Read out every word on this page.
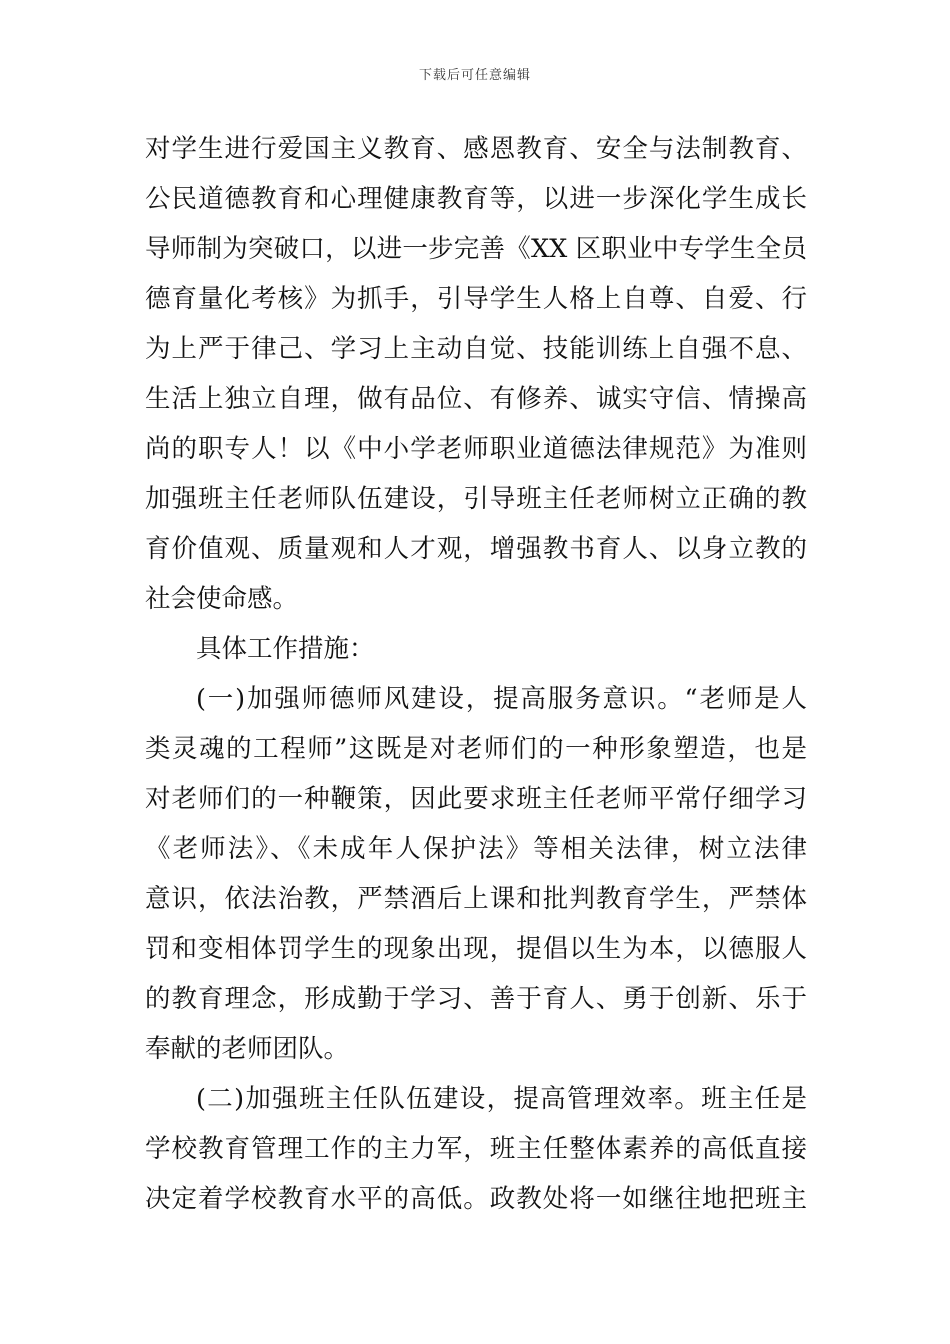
下载后可任意编辑
对学生进行爱国主义教育、感恩教育、安全与法制教育、
公民道德教育和心理健康教育等，以进一步深化学生成长
导师制为突破口，以进一步完善《XX 区职业中专学生全员
德育量化考核》为抓手，引导学生人格上自尊、自爱、行
为上严于律己、学习上主动自觉、技能训练上自强不息、
生活上独立自理，做有品位、有修养、诚实守信、情操高
尚的职专人！以《中小学老师职业道德法律规范》为准则
加强班主任老师队伍建设，引导班主任老师树立正确的教
育价值观、质量观和人才观，增强教书育人、以身立教的
社会使命感。
具体工作措施：
(一)加强师德师风建设，提高服务意识。“老师是人
类灵魂的工程师”这既是对老师们的一种形象塑造，也是
对老师们的一种鞭策，因此要求班主任老师平常仔细学习
《老师法》、《未成年人保护法》等相关法律，树立法律
意识，依法治教，严禁酒后上课和批判教育学生，严禁体
罚和变相体罚学生的现象出现，提倡以生为本，以德服人
的教育理念，形成勤于学习、善于育人、勇于创新、乐于
奉献的老师团队。
(二)加强班主任队伍建设，提高管理效率。班主任是
学校教育管理工作的主力军，班主任整体素养的高低直接
决定着学校教育水平的高低。政教处将一如继往地把班主
